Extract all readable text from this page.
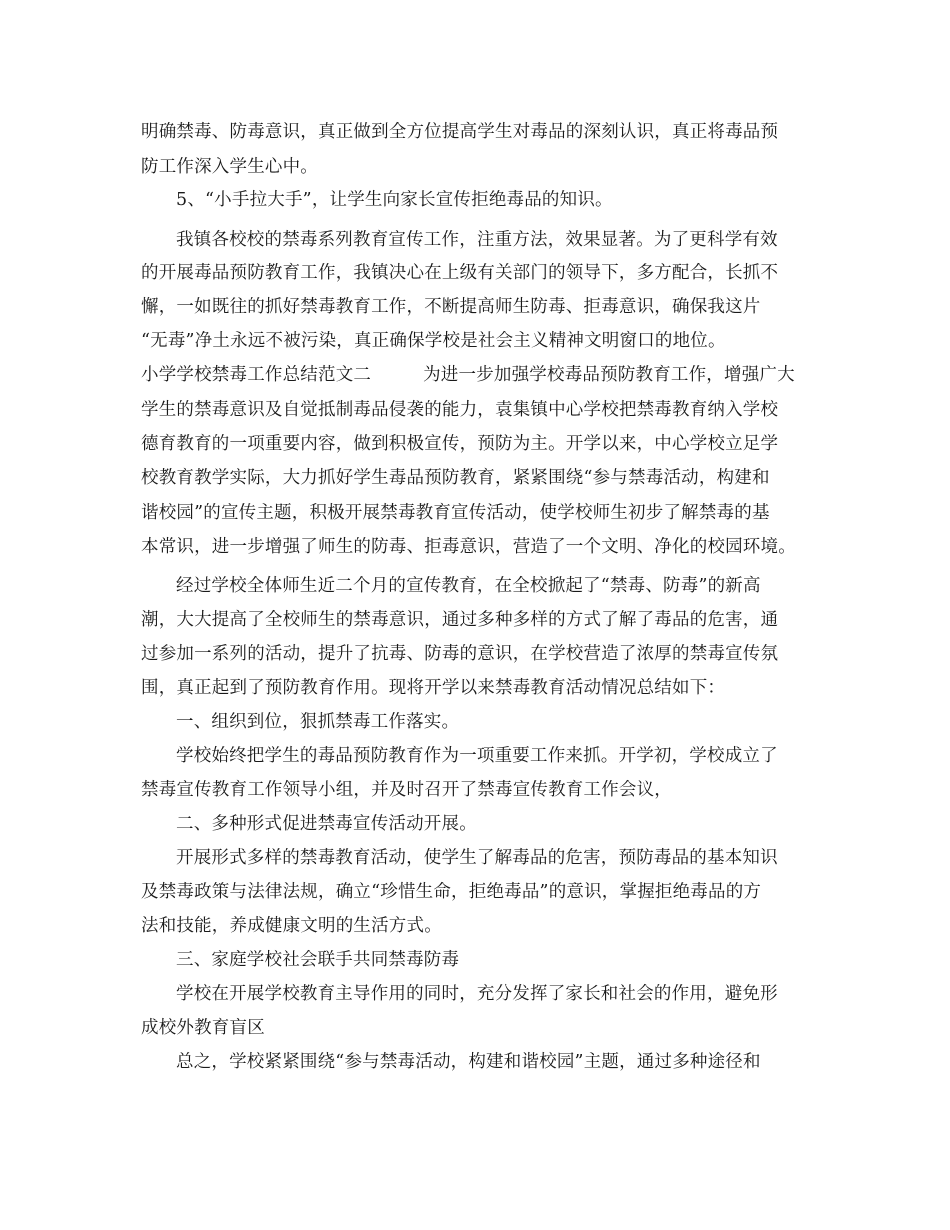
明确禁毒、防毒意识，真正做到全方位提高学生对毒品的深刻认识，真正将毒品预
防工作深入学生心中。
5、“小手拉大手”，让学生向家长宣传拒绝毒品的知识。
我镇各校校的禁毒系列教育宣传工作，注重方法，效果显著。为了更科学有效
的开展毒品预防教育工作，我镇决心在上级有关部门的领导下，多方配合，长抓不
懈，一如既往的抓好禁毒教育工作，不断提高师生防毒、拒毒意识，确保我这片
“无毒”净土永远不被污染，真正确保学校是社会主义精神文明窗口的地位。
小学学校禁毒工作总结范文二	为进一步加强学校毒品预防教育工作，增强广大
学生的禁毒意识及自觉抵制毒品侵袭的能力，袁集镇中心学校把禁毒教育纳入学校
德育教育的一项重要内容，做到积极宣传，预防为主。开学以来，中心学校立足学
校教育教学实际，大力抓好学生毒品预防教育，紧紧围绕“参与禁毒活动，构建和
谐校园”的宣传主题，积极开展禁毒教育宣传活动，使学校师生初步了解禁毒的基
本常识，进一步增强了师生的防毒、拒毒意识，营造了一个文明、净化的校园环境。
经过学校全体师生近二个月的宣传教育，在全校掀起了“禁毒、防毒”的新高
潮，大大提高了全校师生的禁毒意识，通过多种多样的方式了解了毒品的危害，通
过参加一系列的活动，提升了抗毒、防毒的意识，在学校营造了浓厚的禁毒宣传氛
围，真正起到了预防教育作用。现将开学以来禁毒教育活动情况总结如下：
一、组织到位，狠抓禁毒工作落实。
学校始终把学生的毒品预防教育作为一项重要工作来抓。开学初，学校成立了
禁毒宣传教育工作领导小组，并及时召开了禁毒宣传教育工作会议，
二、多种形式促进禁毒宣传活动开展。
开展形式多样的禁毒教育活动，使学生了解毒品的危害，预防毒品的基本知识
及禁毒政策与法律法规，确立“珍惜生命，拒绝毒品”的意识，掌握拒绝毒品的方
法和技能，养成健康文明的生活方式。
三、家庭学校社会联手共同禁毒防毒
学校在开展学校教育主导作用的同时，充分发挥了家长和社会的作用，避免形
成校外教育盲区
总之，学校紧紧围绕“参与禁毒活动，构建和谐校园”主题，通过多种途径和
